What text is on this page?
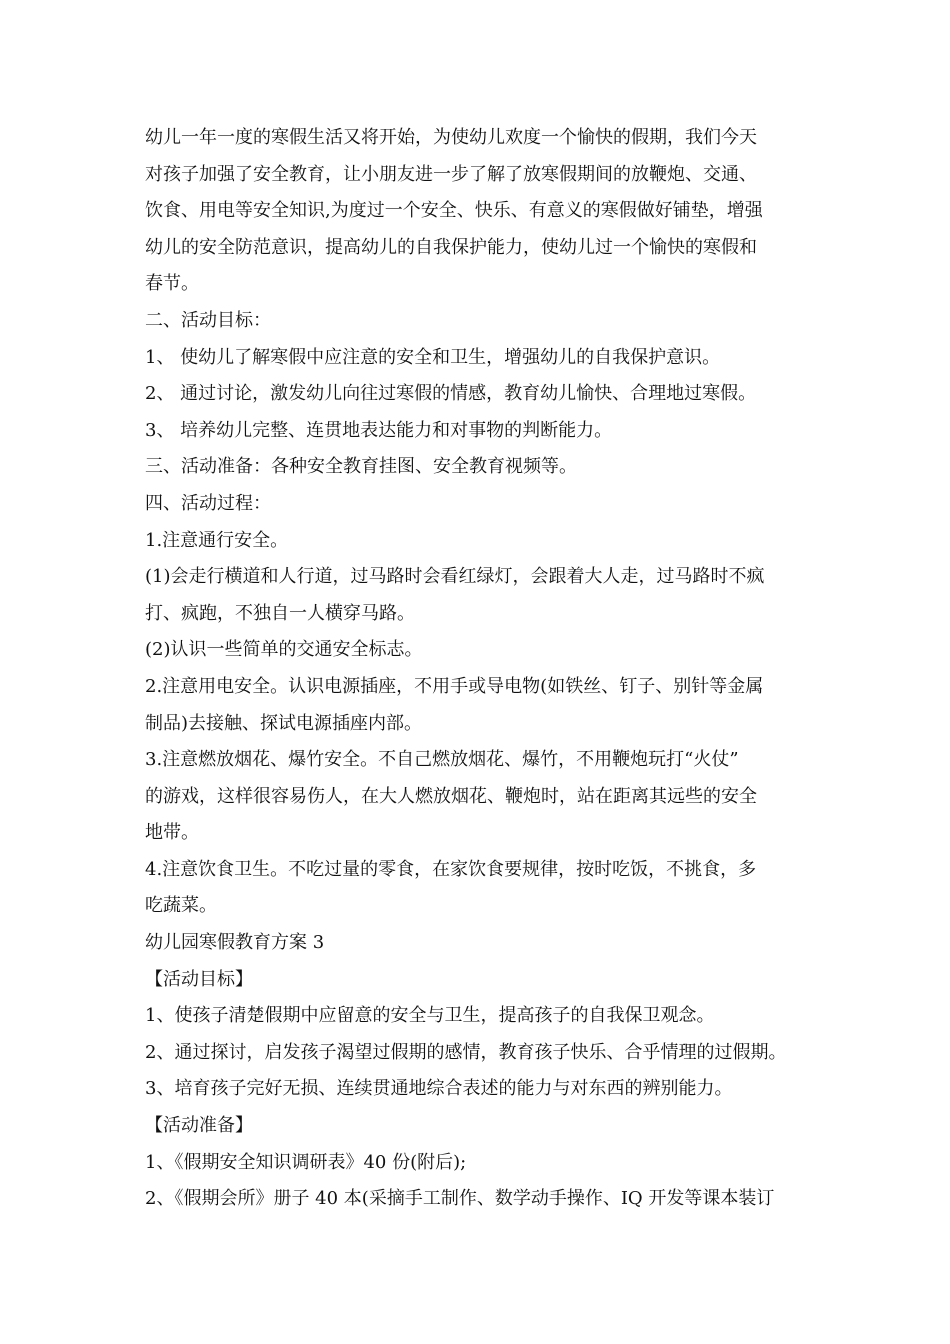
幼儿一年一度的寒假生活又将开始，为使幼儿欢度一个愉快的假期，我们今天
对孩子加强了安全教育，让小朋友进一步了解了放寒假期间的放鞭炮、交通、
饮食、用电等安全知识,为度过一个安全、快乐、有意义的寒假做好铺垫，增强
幼儿的安全防范意识，提高幼儿的自我保护能力，使幼儿过一个愉快的寒假和
春节。
二、活动目标：
1、 使幼儿了解寒假中应注意的安全和卫生，增强幼儿的自我保护意识。
2、 通过讨论，激发幼儿向往过寒假的情感，教育幼儿愉快、合理地过寒假。
3、 培养幼儿完整、连贯地表达能力和对事物的判断能力。
三、活动准备：各种安全教育挂图、安全教育视频等。
四、活动过程：
1.注意通行安全。
(1)会走行横道和人行道，过马路时会看红绿灯，会跟着大人走，过马路时不疯
打、疯跑，不独自一人横穿马路。
(2)认识一些简单的交通安全标志。
2.注意用电安全。认识电源插座，不用手或导电物(如铁丝、钉子、别针等金属
制品)去接触、探试电源插座内部。
3.注意燃放烟花、爆竹安全。不自己燃放烟花、爆竹，不用鞭炮玩打“火仗”
的游戏，这样很容易伤人，在大人燃放烟花、鞭炮时，站在距离其远些的安全
地带。
4.注意饮食卫生。不吃过量的零食，在家饮食要规律，按时吃饭，不挑食，多
吃蔬菜。
幼儿园寒假教育方案 3
【活动目标】
1、使孩子清楚假期中应留意的安全与卫生，提高孩子的自我保卫观念。
2、通过探讨，启发孩子渴望过假期的感情，教育孩子快乐、合乎情理的过假期。
3、培育孩子完好无损、连续贯通地综合表述的能力与对东西的辨别能力。
【活动准备】
1、《假期安全知识调研表》40 份(附后);
2、《假期会所》册子 40 本(采摘手工制作、数学动手操作、IQ 开发等课本装订
